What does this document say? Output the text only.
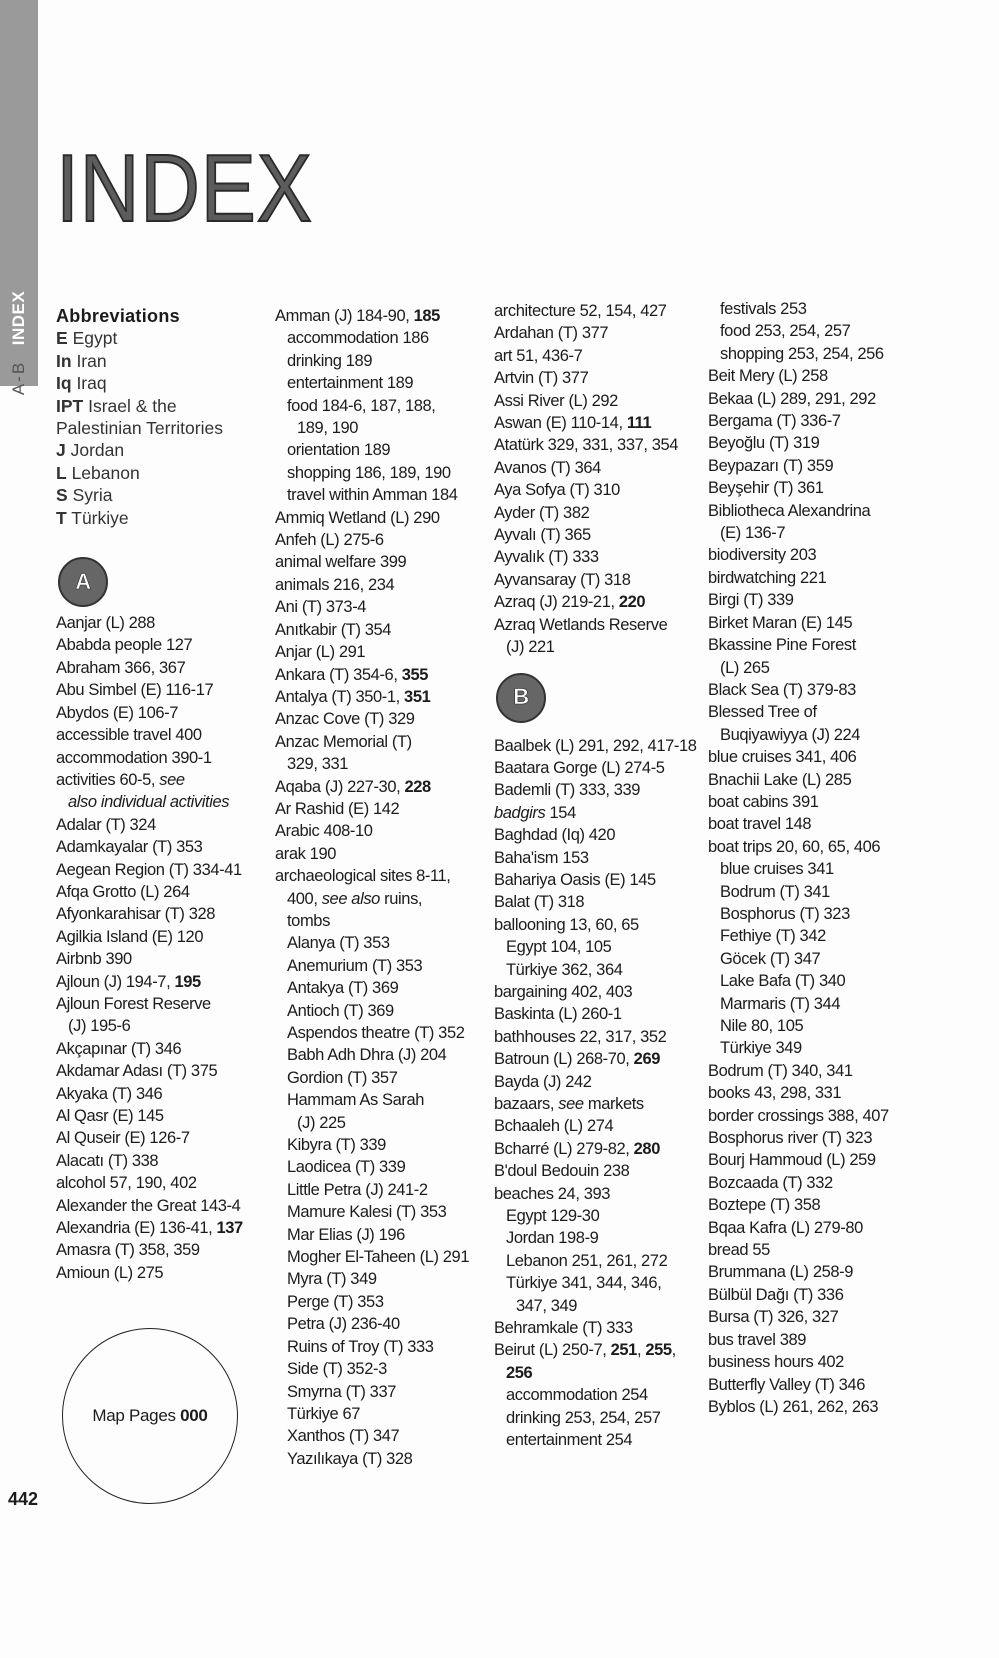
INDEX
A-B
INDEX
Abbreviations
E Egypt
In Iran
Iq Iraq
IPT Israel & the
Palestinian Territories
J Jordan
L Lebanon
S Syria
T Türkiye
A
Aanjar (L) 288
Ababda people 127
Abraham 366, 367
Abu Simbel (E) 116-17
Abydos (E) 106-7
accessible travel 400
accommodation 390-1
activities 60-5, see
also individual activities
Adalar (T) 324
Adamkayalar (T) 353
Aegean Region (T) 334-41
Afqa Grotto (L) 264
Afyonkarahisar (T) 328
Agilkia Island (E) 120
Airbnb 390
Ajloun (J) 194-7, 195
Ajloun Forest Reserve
(J) 195-6
Akçapınar (T) 346
Akdamar Adası (T) 375
Akyaka (T) 346
Al Qasr (E) 145
Al Quseir (E) 126-7
Alacatı (T) 338
alcohol 57, 190, 402
Alexander the Great 143-4
Alexandria (E) 136-41, 137
Amasra (T) 358, 359
Amioun (L) 275
Amman (J) 184-90, 185
accommodation 186
drinking 189
entertainment 189
food 184-6, 187, 188,
189, 190
orientation 189
shopping 186, 189, 190
travel within Amman 184
Ammiq Wetland (L) 290
Anfeh (L) 275-6
animal welfare 399
animals 216, 234
Ani (T) 373-4
Anıtkabir (T) 354
Anjar (L) 291
Ankara (T) 354-6, 355
Antalya (T) 350-1, 351
Anzac Cove (T) 329
Anzac Memorial (T)
329, 331
Aqaba (J) 227-30, 228
Ar Rashid (E) 142
Arabic 408-10
arak 190
archaeological sites 8-11,
400, see also ruins,
tombs
Alanya (T) 353
Anemurium (T) 353
Antakya (T) 369
Antioch (T) 369
Aspendos theatre (T) 352
Babh Adh Dhra (J) 204
Gordion (T) 357
Hammam As Sarah
(J) 225
Kibyra (T) 339
Laodicea (T) 339
Little Petra (J) 241-2
Mamure Kalesi (T) 353
Mar Elias (J) 196
Mogher El-Taheen (L) 291
Myra (T) 349
Perge (T) 353
Petra (J) 236-40
Ruins of Troy (T) 333
Side (T) 352-3
Smyrna (T) 337
Türkiye 67
Xanthos (T) 347
Yazılıkaya (T) 328
architecture 52, 154, 427
Ardahan (T) 377
art 51, 436-7
Artvin (T) 377
Assi River (L) 292
Aswan (E) 110-14, 111
Atatürk 329, 331, 337, 354
Avanos (T) 364
Aya Sofya (T) 310
Ayder (T) 382
Ayvalı (T) 365
Ayvalık (T) 333
Ayvansaray (T) 318
Azraq (J) 219-21, 220
Azraq Wetlands Reserve
(J) 221
B
Baalbek (L) 291, 292, 417-18
Baatara Gorge (L) 274-5
Bademli (T) 333, 339
badgirs 154
Baghdad (Iq) 420
Baha'ism 153
Bahariya Oasis (E) 145
Balat (T) 318
ballooning 13, 60, 65
Egypt 104, 105
Türkiye 362, 364
bargaining 402, 403
Baskinta (L) 260-1
bathhouses 22, 317, 352
Batroun (L) 268-70, 269
Bayda (J) 242
bazaars, see markets
Bchaaleh (L) 274
Bcharré (L) 279-82, 280
B'doul Bedouin 238
beaches 24, 393
Egypt 129-30
Jordan 198-9
Lebanon 251, 261, 272
Türkiye 341, 344, 346,
347, 349
Behramkale (T) 333
Beirut (L) 250-7, 251, 255,
256
accommodation 254
drinking 253, 254, 257
entertainment 254
festivals 253
food 253, 254, 257
shopping 253, 254, 256
Beit Mery (L) 258
Bekaa (L) 289, 291, 292
Bergama (T) 336-7
Beyoğlu (T) 319
Beypazarı (T) 359
Beyşehir (T) 361
Bibliotheca Alexandrina
(E) 136-7
biodiversity 203
birdwatching 221
Birgi (T) 339
Birket Maran (E) 145
Bkassine Pine Forest
(L) 265
Black Sea (T) 379-83
Blessed Tree of
Buqiyawiyya (J) 224
blue cruises 341, 406
Bnachii Lake (L) 285
boat cabins 391
boat travel 148
boat trips 20, 60, 65, 406
blue cruises 341
Bodrum (T) 341
Bosphorus (T) 323
Fethiye (T) 342
Göcek (T) 347
Lake Bafa (T) 340
Marmaris (T) 344
Nile 80, 105
Türkiye 349
Bodrum (T) 340, 341
books 43, 298, 331
border crossings 388, 407
Bosphorus river (T) 323
Bourj Hammoud (L) 259
Bozcaada (T) 332
Boztepe (T) 358
Bqaa Kafra (L) 279-80
bread 55
Brummana (L) 258-9
Bülbül Dağı (T) 336
Bursa (T) 326, 327
bus travel 389
business hours 402
Butterfly Valley (T) 346
Byblos (L) 261, 262, 263
Map Pages
000
442
